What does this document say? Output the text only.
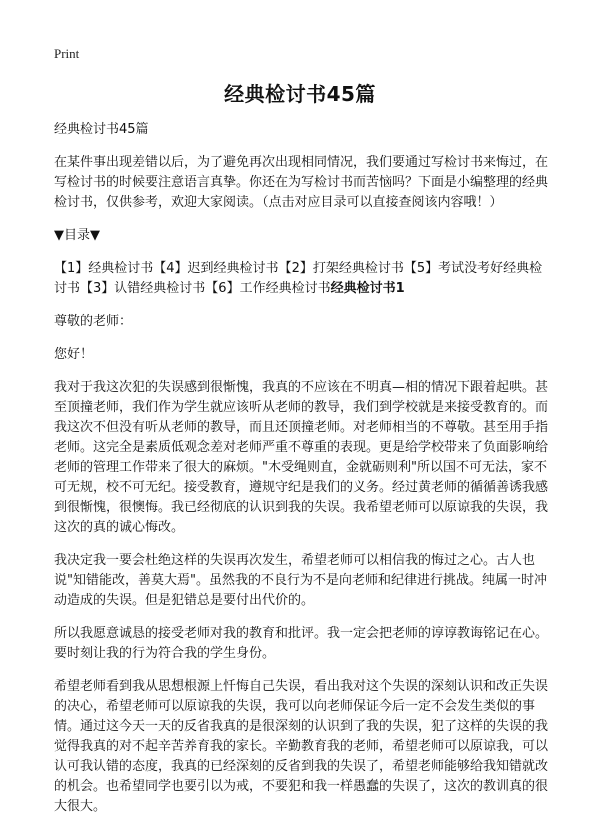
Print
经典检讨书45篇

经典检讨书45篇

在某件事出现差错以后，为了避免再次出现相同情况，我们要通过写检讨书来悔过，在写检讨书的时候要注意语言真挚。你还在为写检讨书而苦恼吗？下面是小编整理的经典检讨书，仅供参考，欢迎大家阅读。（点击对应目录可以直接查阅该内容哦！）

▼目录▼

【1】经典检讨书【4】迟到经典检讨书【2】打架经典检讨书【5】考试没考好经典检讨书【3】认错经典检讨书【6】工作经典检讨书经典检讨书1

尊敬的老师：

您好！

我对于我这次犯的失误感到很惭愧，我真的不应该在不明真—相的情况下跟着起哄。甚至顶撞老师，我们作为学生就应该听从老师的教导，我们到学校就是来接受教育的。而我这次不但没有听从老师的教导，而且还顶撞老师。对老师相当的不尊敬。甚至用手指老师。这完全是素质低观念差对老师严重不尊重的表现。更是给学校带来了负面影响给老师的管理工作带来了很大的麻烦。"木受绳则直，金就砺则利"所以国不可无法，家不可无规，校不可无纪。接受教育，遵规守纪是我们的义务。经过黄老师的循循善诱我感到很惭愧，很懊悔。我已经彻底的认识到我的失误。我希望老师可以原谅我的失误，我这次的真的诚心悔改。

我决定我一要会杜绝这样的失误再次发生，希望老师可以相信我的悔过之心。古人也说"知错能改，善莫大焉"。虽然我的不良行为不是向老师和纪律进行挑战。纯属一时冲动造成的失误。但是犯错总是要付出代价的。

所以我愿意诚恳的接受老师对我的教育和批评。我一定会把老师的谆谆教诲铭记在心。要时刻让我的行为符合我的学生身份。

希望老师看到我从思想根源上忏悔自己失误，看出我对这个失误的深刻认识和改正失误的决心，希望老师可以原谅我的失误，我可以向老师保证今后一定不会发生类似的事情。通过这今天一天的反省我真的是很深刻的认识到了我的失误，犯了这样的失误的我觉得我真的对不起辛苦养育我的家长。辛勤教育我的老师，希望老师可以原谅我，可以认可我认错的态度，我真的已经深刻的反省到我的失误了，希望老师能够给我知错就改的机会。也希望同学也要引以为戒，不要犯和我一样愚蠢的失误了，这次的教训真的很大很大。
